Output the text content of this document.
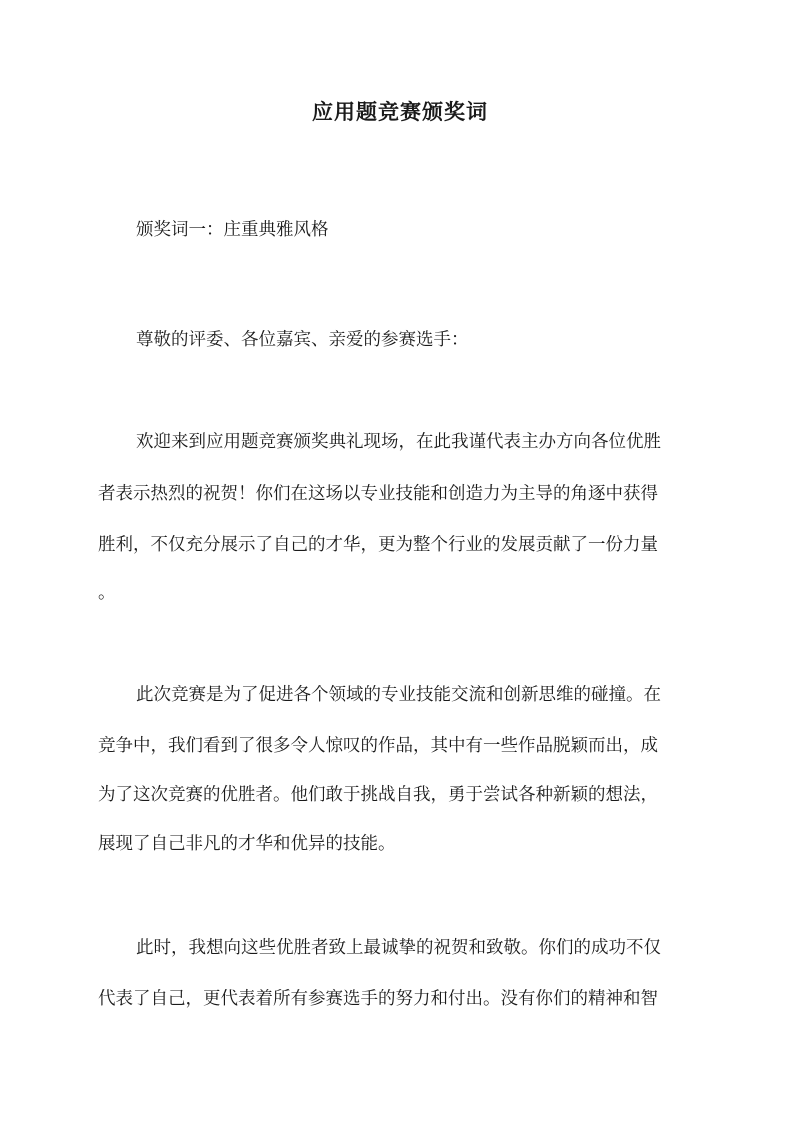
应用题竞赛颁奖词

颁奖词一：庄重典雅风格

尊敬的评委、各位嘉宾、亲爱的参赛选手：

欢迎来到应用题竞赛颁奖典礼现场，在此我谨代表主办方向各位优胜

者表示热烈的祝贺！你们在这场以专业技能和创造力为主导的角逐中获得

胜利，不仅充分展示了自己的才华，更为整个行业的发展贡献了一份力量

。

此次竞赛是为了促进各个领域的专业技能交流和创新思维的碰撞。在

竞争中，我们看到了很多令人惊叹的作品，其中有一些作品脱颖而出，成

为了这次竞赛的优胜者。他们敢于挑战自我，勇于尝试各种新颖的想法，

展现了自己非凡的才华和优异的技能。

此时，我想向这些优胜者致上最诚挚的祝贺和致敬。你们的成功不仅

代表了自己，更代表着所有参赛选手的努力和付出。没有你们的精神和智
